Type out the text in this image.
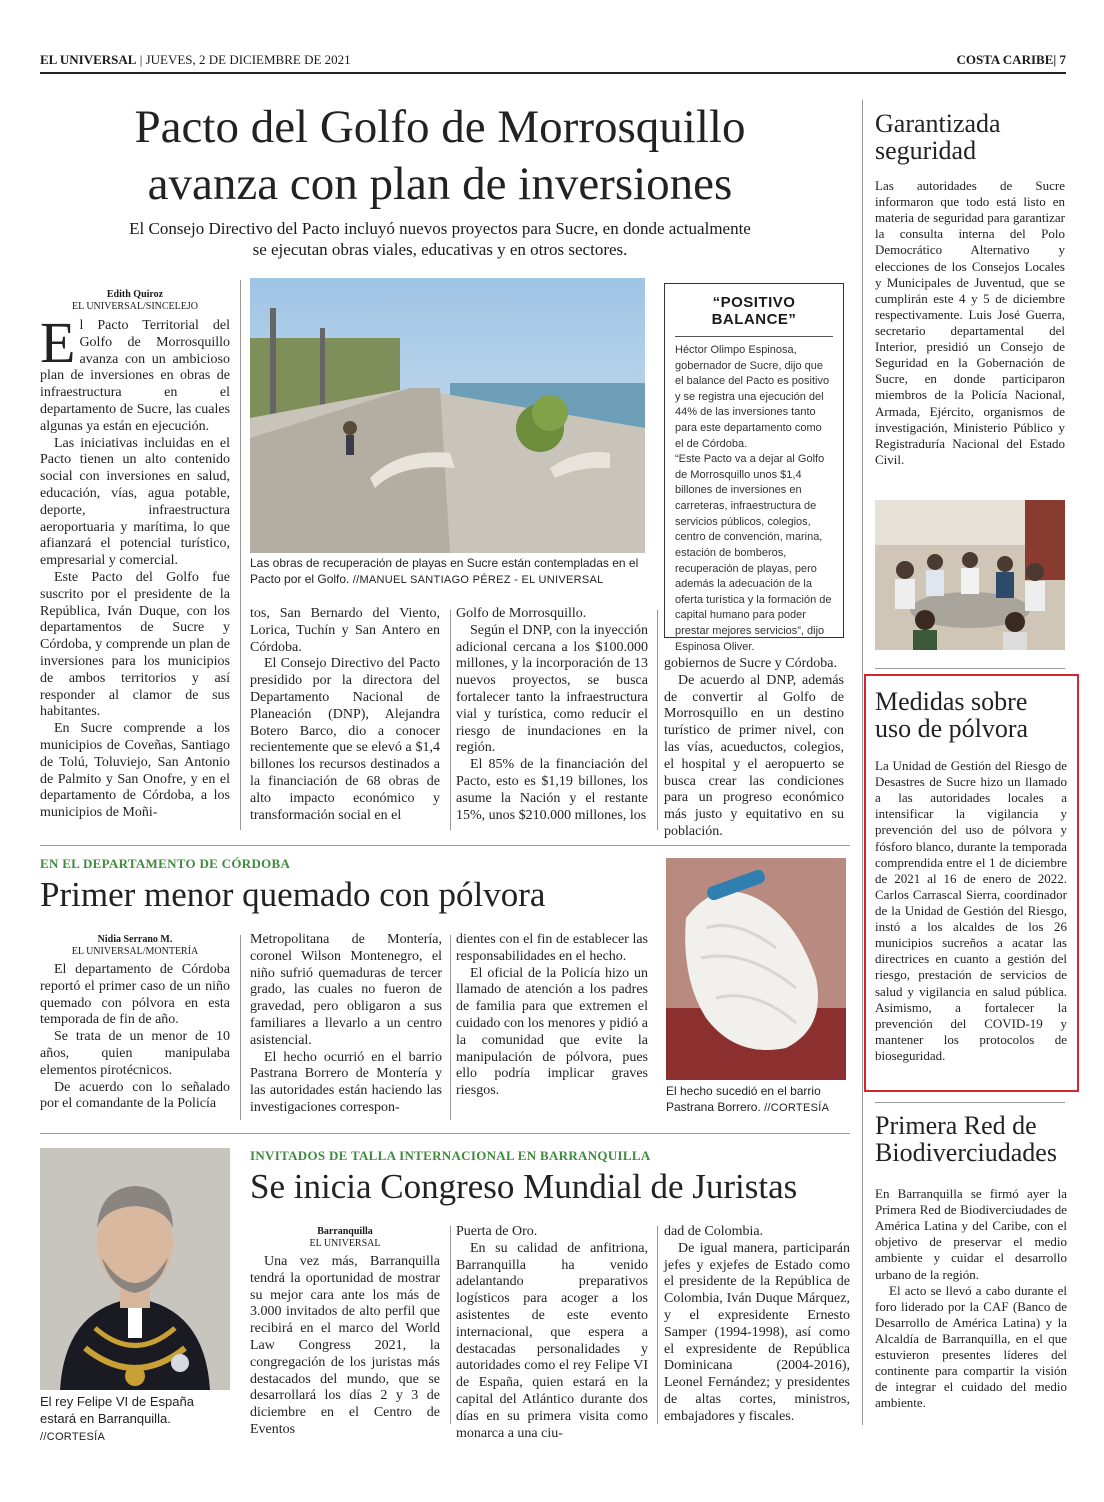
EL UNIVERSAL | JUEVES, 2 DE DICIEMBRE DE 2021	COSTA CARIBE| 7
Pacto del Golfo de Morrosquillo
avanza con plan de inversiones
El Consejo Directivo del Pacto incluyó nuevos proyectos para Sucre, en donde actualmente
se ejecutan obras viales, educativas y en otros sectores.
Edith Quiroz
EL UNIVERSAL/SINCELEJO

El Pacto Territorial del Golfo de Morrosquillo avanza con un ambicioso plan de inversiones en obras de infraestructura en el departamento de Sucre, las cuales algunas ya están en ejecución.

Las iniciativas incluidas en el Pacto tienen un alto contenido social con inversiones en salud, educación, vías, agua potable, deporte, infraestructura aeroportuaria y marítima, lo que afianzará el potencial turístico, empresarial y comercial.

Este Pacto del Golfo fue suscrito por el presidente de la República, Iván Duque, con los departamentos de Sucre y Córdoba, y comprende un plan de inversiones para los municipios de ambos territorios y así responder al clamor de sus habitantes.

En Sucre comprende a los municipios de Coveñas, Santiago de Tolú, Toluviejo, San Antonio de Palmito y San Onofre, y en el departamento de Córdoba, a los municipios de Moñi-

Las obras de recuperación de playas en Sucre están contempladas en el Pacto por el Golfo. //MANUEL SANTIAGO PÉREZ - EL UNIVERSAL

tos, San Bernardo del Viento, Lorica, Tuchín y San Antero en Córdoba.

El Consejo Directivo del Pacto presidido por la directora del Departamento Nacional de Planeación (DNP), Alejandra Botero Barco, dio a conocer recientemente que se elevó a $1,4 billones los recursos destinados a la financiación de 68 obras de alto impacto económico y transformación social en el

Golfo de Morrosquillo.

Según el DNP, con la inyección adicional cercana a los $100.000 millones, y la incorporación de 13 nuevos proyectos, se busca fortalecer tanto la infraestructura vial y turística, como reducir el riesgo de inundaciones en la región.

El 85% de la financiación del Pacto, esto es $1,19 billones, los asume la Nación y el restante 15%, unos $210.000 millones, los

gobiernos de Sucre y Córdoba.

De acuerdo al DNP, además de convertir al Golfo de Morrosquillo en un destino turístico de primer nivel, con las vías, acueductos, colegios, el hospital y el aeropuerto se busca crear las condiciones para un progreso económico más justo y equitativo en su población.

“POSITIVO BALANCE”

Héctor Olimpo Espinosa, gobernador de Sucre, dijo que el balance del Pacto es positivo y se registra una ejecución del 44% de las inversiones tanto para este departamento como el de Córdoba.

“Este Pacto va a dejar al Golfo de Morrosquillo unos $1,4 billones de inversiones en carreteras, infraestructura de servicios públicos, colegios, centro de convención, marina, estación de bomberos, recuperación de playas, pero además la adecuación de la oferta turística y la formación de capital humano para poder prestar mejores servicios”, dijo Espinosa Oliver.

Garantizada seguridad

Las autoridades de Sucre informaron que todo está listo en materia de seguridad para garantizar la consulta interna del Polo Democrático Alternativo y elecciones de los Consejos Locales y Municipales de Juventud, que se cumplirán este 4 y 5 de diciembre respectivamente. Luis José Guerra, secretario departamental del Interior, presidió un Consejo de Seguridad en la Gobernación de Sucre, en donde participaron miembros de la Policía Nacional, Armada, Ejército, organismos de investigación, Ministerio Público y Registraduría Nacional del Estado Civil.

Medidas sobre uso de pólvora

La Unidad de Gestión del Riesgo de Desastres de Sucre hizo un llamado a las autoridades locales a intensificar la vigilancia y prevención del uso de pólvora y fósforo blanco, durante la temporada comprendida entre el 1 de diciembre de 2021 al 16 de enero de 2022. Carlos Carrascal Sierra, coordinador de la Unidad de Gestión del Riesgo, instó a los alcaldes de los 26 municipios sucreños a acatar las directrices en cuanto a gestión del riesgo, prestación de servicios de salud y vigilancia en salud pública. Asimismo, a fortalecer la prevención del COVID-19 y mantener los protocolos de bioseguridad.

Primera Red de Biodiverciudades

En Barranquilla se firmó ayer la Primera Red de Biodiverciudades de América Latina y del Caribe, con el objetivo de preservar el medio ambiente y cuidar el desarrollo urbano de la región.

El acto se llevó a cabo durante el foro liderado por la CAF (Banco de Desarrollo de América Latina) y la Alcaldía de Barranquilla, en el que estuvieron presentes líderes del continente para compartir la visión de integrar el cuidado del medio ambiente.

EN EL DEPARTAMENTO DE CÓRDOBA
Primer menor quemado con pólvora
Nidia Serrano M.
EL UNIVERSAL/MONTERÍA

El departamento de Córdoba reportó el primer caso de un niño quemado con pólvora en esta temporada de fin de año.

Se trata de un menor de 10 años, quien manipulaba elementos pirotécnicos.

De acuerdo con lo señalado por el comandante de la Policía

Metropolitana de Montería, coronel Wilson Montenegro, el niño sufrió quemaduras de tercer grado, las cuales no fueron de gravedad, pero obligaron a sus familiares a llevarlo a un centro asistencial.

El hecho ocurrió en el barrio Pastrana Borrero de Montería y las autoridades están haciendo las investigaciones correspon-

dientes con el fin de establecer las responsabilidades en el hecho.

El oficial de la Policía hizo un llamado de atención a los padres de familia para que extremen el cuidado con los menores y pidió a la comunidad que evite la manipulación de pólvora, pues ello podría implicar graves riesgos.	El hecho sucedió en el barrio Pastrana Borrero. //CORTESÍA
El rey Felipe VI de España estará en Barranquilla. //CORTESÍA
INVITADOS DE TALLA INTERNACIONAL EN BARRANQUILLA
Se inicia Congreso Mundial de Juristas
Barranquilla
EL UNIVERSAL

Una vez más, Barranquilla tendrá la oportunidad de mostrar su mejor cara ante los más de 3.000 invitados de alto perfil que recibirá en el marco del World Law Congress 2021, la congregación de los juristas más destacados del mundo, que se desarrollará los días 2 y 3 de diciembre en el Centro de Eventos

Puerta de Oro.

En su calidad de anfitriona, Barranquilla ha venido adelantando preparativos logísticos para acoger a los asistentes de este evento internacional, que espera a destacadas personalidades y autoridades como el rey Felipe VI de España, quien estará en la capital del Atlántico durante dos días en su primera visita como monarca a una ciu-

dad de Colombia.

De igual manera, participarán jefes y exjefes de Estado como el presidente de la República de Colombia, Iván Duque Márquez, y el expresidente Ernesto Samper (1994-1998), así como el expresidente de República Dominicana (2004-2016), Leonel Fernández; y presidentes de altas cortes, ministros, embajadores y fiscales.
